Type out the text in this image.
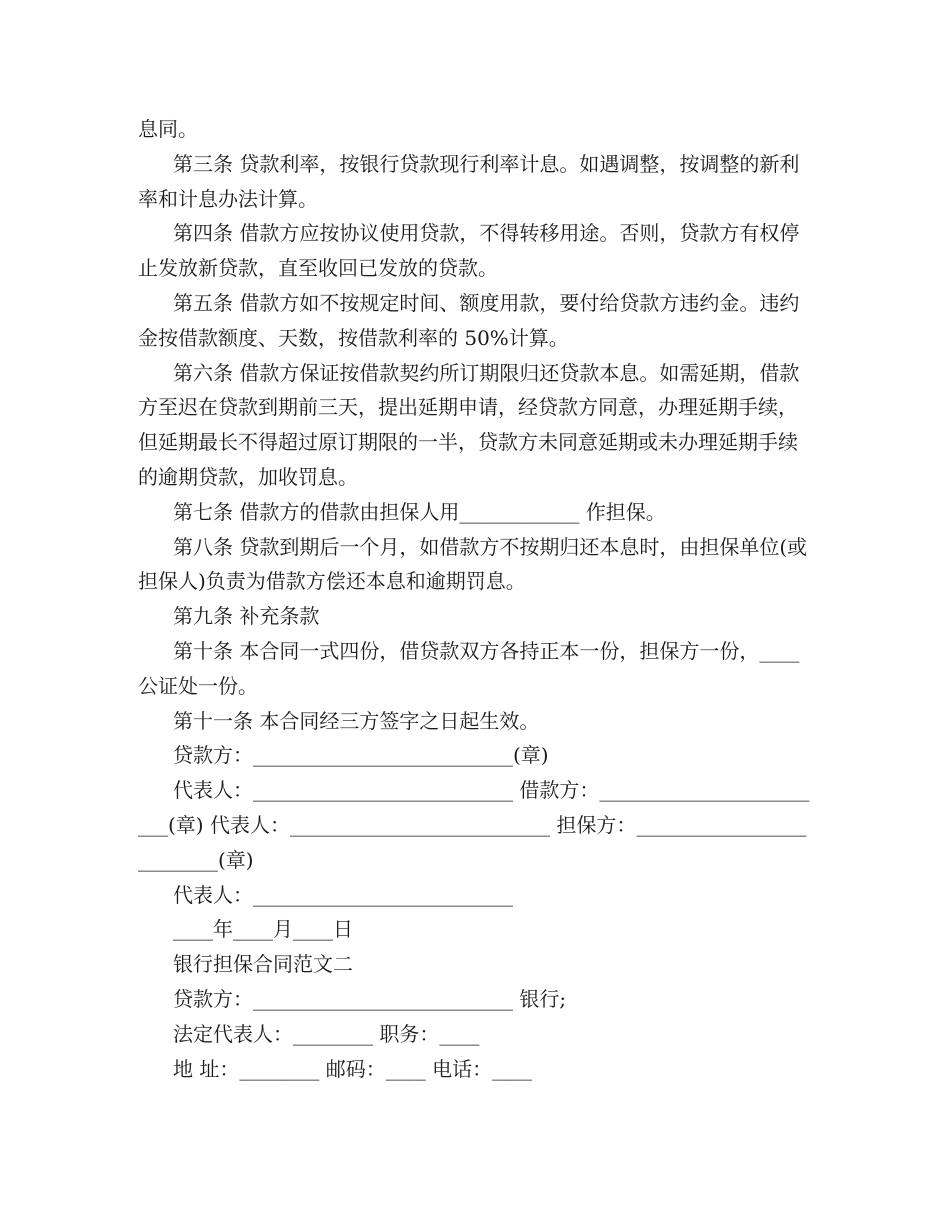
息同。

第三条 贷款利率，按银行贷款现行利率计息。如遇调整，按调整的新利率和计息办法计算。

第四条 借款方应按协议使用贷款，不得转移用途。否则，贷款方有权停止发放新贷款，直至收回已发放的贷款。

第五条 借款方如不按规定时间、额度用款，要付给贷款方违约金。违约金按借款额度、天数，按借款利率的 50%计算。

第六条 借款方保证按借款契约所订期限归还贷款本息。如需延期，借款方至迟在贷款到期前三天，提出延期申请，经贷款方同意，办理延期手续，但延期最长不得超过原订期限的一半，贷款方未同意延期或未办理延期手续的逾期贷款，加收罚息。

第七条 借款方的借款由担保人用____________ 作担保。

第八条 贷款到期后一个月，如借款方不按期归还本息时，由担保单位(或担保人)负责为借款方偿还本息和逾期罚息。

第九条 补充条款

第十条 本合同一式四份，借贷款双方各持正本一份，担保方一份，____ 公证处一份。

第十一条 本合同经三方签字之日起生效。

贷款方：__________________________(章)

代表人：__________________________ 借款方：________________________(章) 代表人：__________________________ 担保方：_________________________(章)

代表人：__________________________

____年____月____日

银行担保合同范文二

贷款方：__________________________ 银行;

法定代表人：________ 职务：____

地 址：________ 邮码：____ 电话：____
